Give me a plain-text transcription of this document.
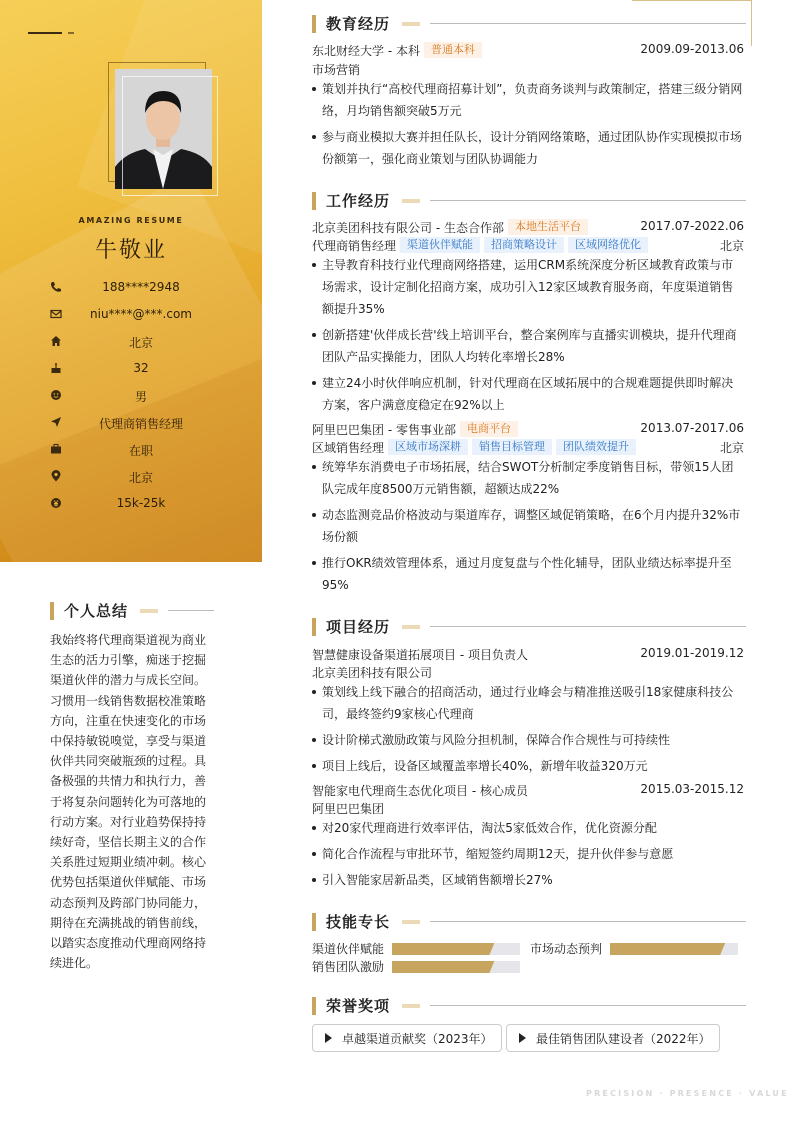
AMAZING RESUME
牛敬业
188****2948
niu****@***.com
北京
32
男
代理商销售经理
在职
北京
15k-25k
个人总结
我始终将代理商渠道视为商业生态的活力引擎，痴迷于挖掘渠道伙伴的潜力与成长空间。习惯用一线销售数据校准策略方向，注重在快速变化的市场中保持敏锐嗅觉，享受与渠道伙伴共同突破瓶颈的过程。具备极强的共情力和执行力，善于将复杂问题转化为可落地的行动方案。对行业趋势保持持续好奇，坚信长期主义的合作关系胜过短期业绩冲刺。核心优势包括渠道伙伴赋能、市场动态预判及跨部门协同能力，期待在充满挑战的销售前线，以踏实态度推动代理商网络持续进化。
教育经历
东北财经大学 - 本科 普通本科	2009.09-2013.06
市场营销
策划并执行“高校代理商招募计划”，负责商务谈判与政策制定，搭建三级分销网络，月均销售额突破5万元
参与商业模拟大赛并担任队长，设计分销网络策略，通过团队协作实现模拟市场份额第一，强化商业策划与团队协调能力
工作经历
北京美团科技有限公司 - 生态合作部 本地生活平台	2017.07-2022.06
代理商销售经理 渠道伙伴赋能 招商策略设计 区域网络优化	北京
主导教育科技行业代理商网络搭建，运用CRM系统深度分析区域教育政策与市场需求，设计定制化招商方案，成功引入12家区域教育服务商，年度渠道销售额提升35%
创新搭建'伙伴成长营'线上培训平台，整合案例库与直播实训模块，提升代理商团队产品实操能力，团队人均转化率增长28%
建立24小时伙伴响应机制，针对代理商在区域拓展中的合规难题提供即时解决方案，客户满意度稳定在92%以上
阿里巴巴集团 - 零售事业部 电商平台	2013.07-2017.06
区域销售经理 区域市场深耕 销售目标管理 团队绩效提升	北京
统筹华东消费电子市场拓展，结合SWOT分析制定季度销售目标，带领15人团队完成年度8500万元销售额，超额达成22%
动态监测竞品价格波动与渠道库存，调整区域促销策略，在6个月内提升32%市场份额
推行OKR绩效管理体系，通过月度复盘与个性化辅导，团队业绩达标率提升至95%
项目经历
智慧健康设备渠道拓展项目 - 项目负责人	2019.01-2019.12
北京美团科技有限公司
策划线上线下融合的招商活动，通过行业峰会与精准推送吸引18家健康科技公司，最终签约9家核心代理商
设计阶梯式激励政策与风险分担机制，保障合作合规性与可持续性
项目上线后，设备区域覆盖率增长40%，新增年收益320万元
智能家电代理商生态优化项目 - 核心成员	2015.03-2015.12
阿里巴巴集团
对20家代理商进行效率评估，淘汰5家低效合作，优化资源分配
简化合作流程与审批环节，缩短签约周期12天，提升伙伴参与意愿
引入智能家居新品类，区域销售额增长27%
技能专长
渠道伙伴赋能	市场动态预判
销售团队激励
荣誉奖项
卓越渠道贡献奖（2023年）	最佳销售团队建设者（2022年）
PRECISION · PRESENCE · VALUE
